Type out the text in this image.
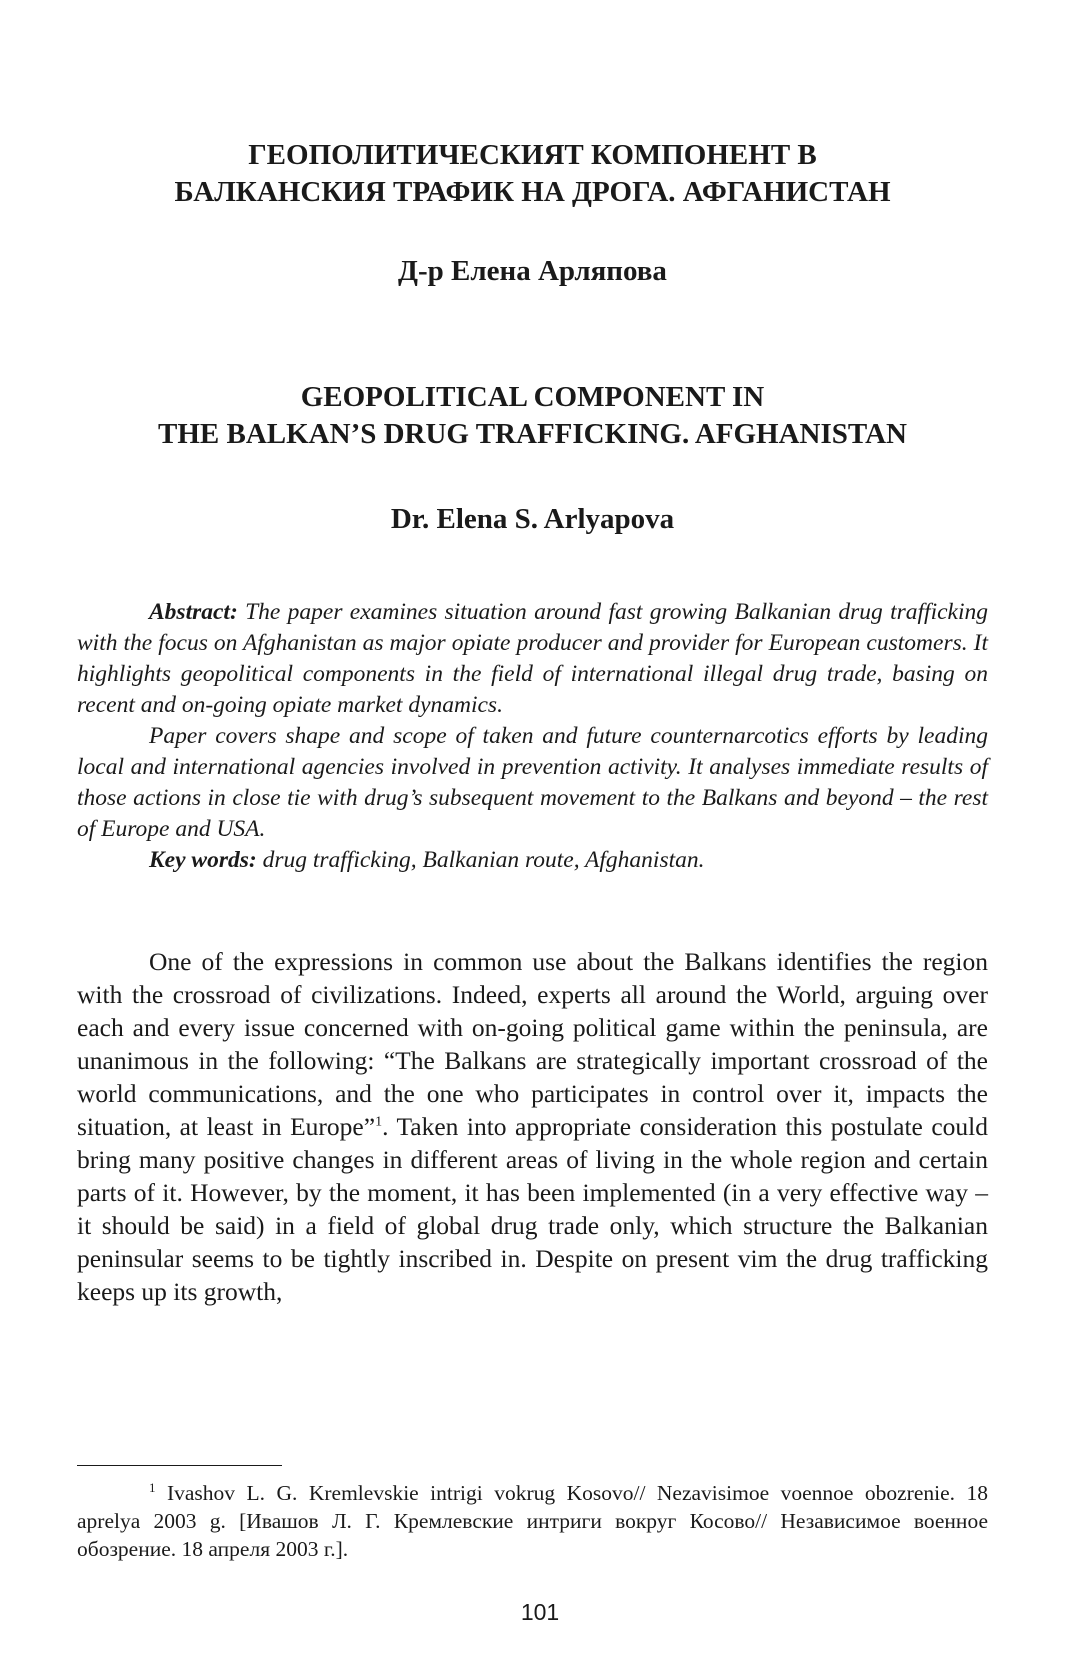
ГЕОПОЛИТИЧЕСКИЯТ КОМПОНЕНТ В
БАЛКАНСКИЯ ТРАФИК НА ДРОГА. АФГАНИСТАН
Д-р Елена Арляпова
GEOPOLITICAL COMPONENT IN
THE BALKAN’S DRUG TRAFFICKING. AFGHANISTAN
Dr. Elena S. Arlyapova

Abstract: The paper examines situation around fast growing Balkanian drug trafficking with the focus on Afghanistan as major opiate producer and provider for European customers. It highlights geopolitical components in the field of international illegal drug trade, basing on recent and on-going opiate market dynamics.

Paper covers shape and scope of taken and future counternarcotics efforts by leading local and international agencies involved in prevention activity. It analyses immediate results of those actions in close tie with drug’s subsequent movement to the Balkans and beyond – the rest of Europe and USA.

Key words: drug trafficking, Balkanian route, Afghanistan.

One of the expressions in common use about the Balkans identifies the region with the crossroad of civilizations. Indeed, experts all around the World, arguing over each and every issue concerned with on-going political game within the peninsula, are unanimous in the following: “The Balkans are strategically important crossroad of the world communications, and the one who participates in control over it, impacts the situation, at least in Europe”$^1$. Taken into appropriate consideration this postulate could bring many positive changes in different areas of living in the whole region and certain parts of it. However, by the moment, it has been implemented (in a very effective way – it should be said) in a field of global drug trade only, which structure the Balkanian peninsular seems to be tightly inscribed in. Despite on present vim the drug trafficking keeps up its growth,

$^1$ Ivashov L. G. Kremlevskie intrigi vokrug Kosovo// Nezavisimoe voennoe obozrenie. 18 aprelya 2003 g. [Ивашов Л. Г. Кремлевские интриги вокруг Косово// Независимое военное обозрение. 18 апреля 2003 г.].

101
